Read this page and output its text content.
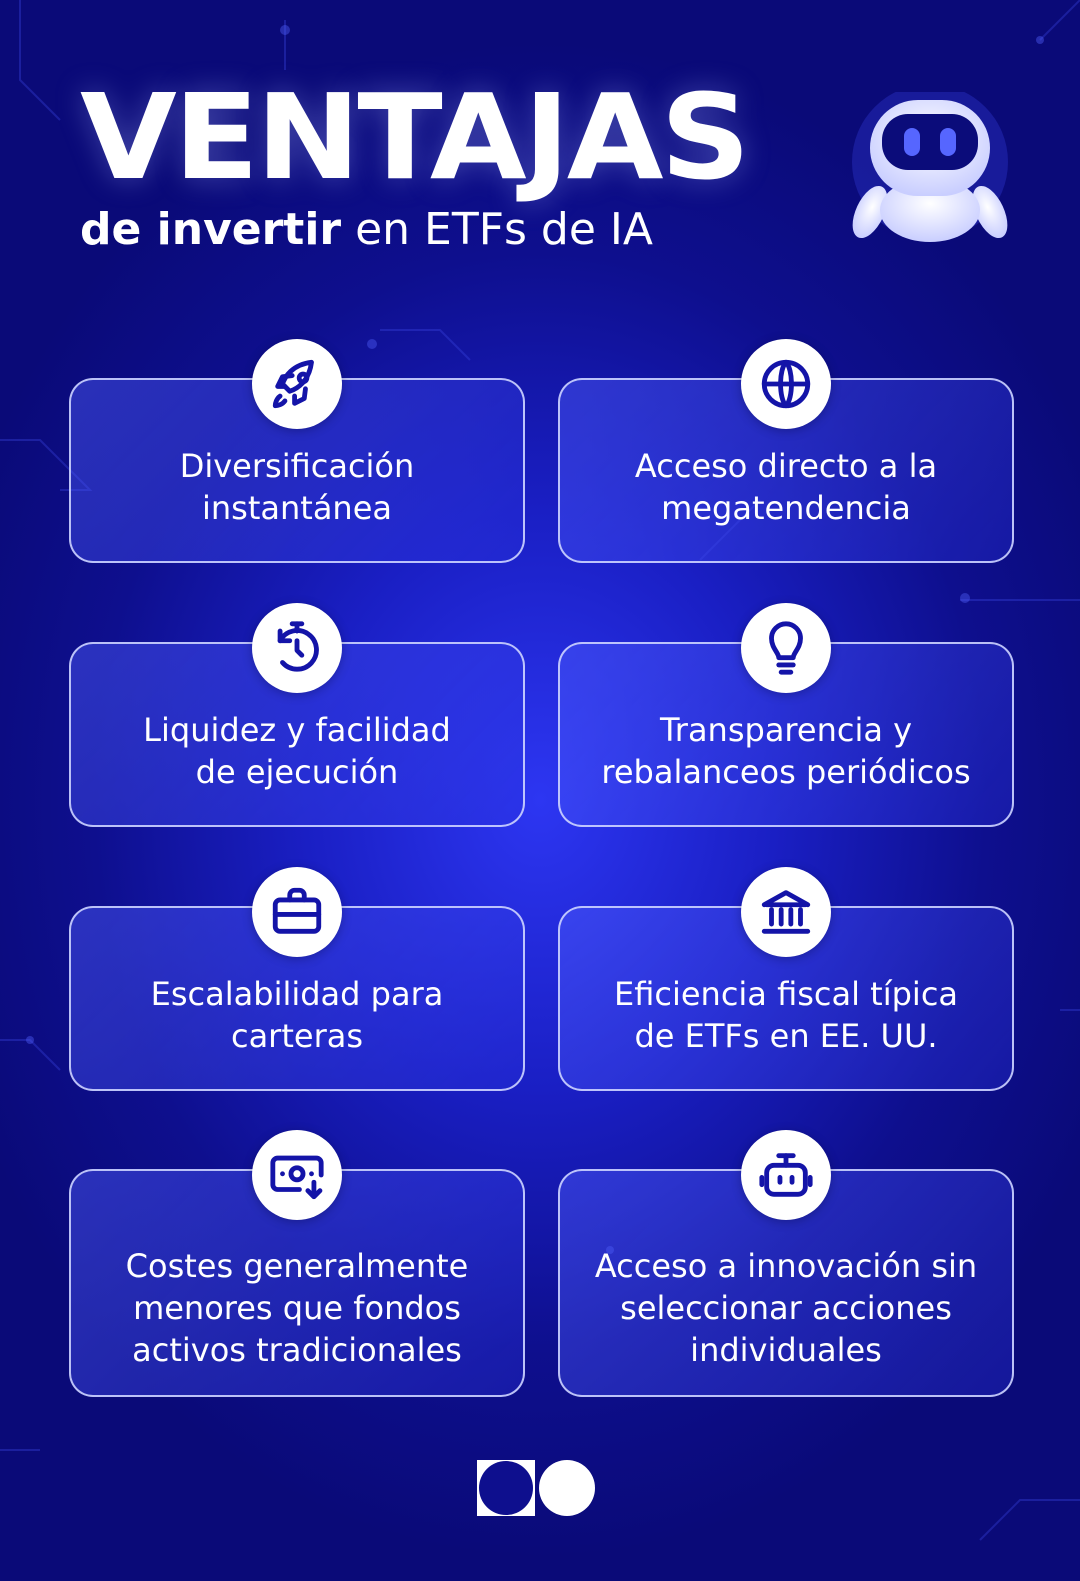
VENTAJAS
de invertir en ETFs de IA
Diversificación
instantánea
Acceso directo a la
megatendencia
Liquidez y facilidad
de ejecución
Transparencia y
rebalanceos periódicos
Escalabilidad para
carteras
Eficiencia fiscal típica
de ETFs en EE. UU.
Costes generalmente
menores que fondos
activos tradicionales
Acceso a innovación sin
seleccionar acciones
individuales
